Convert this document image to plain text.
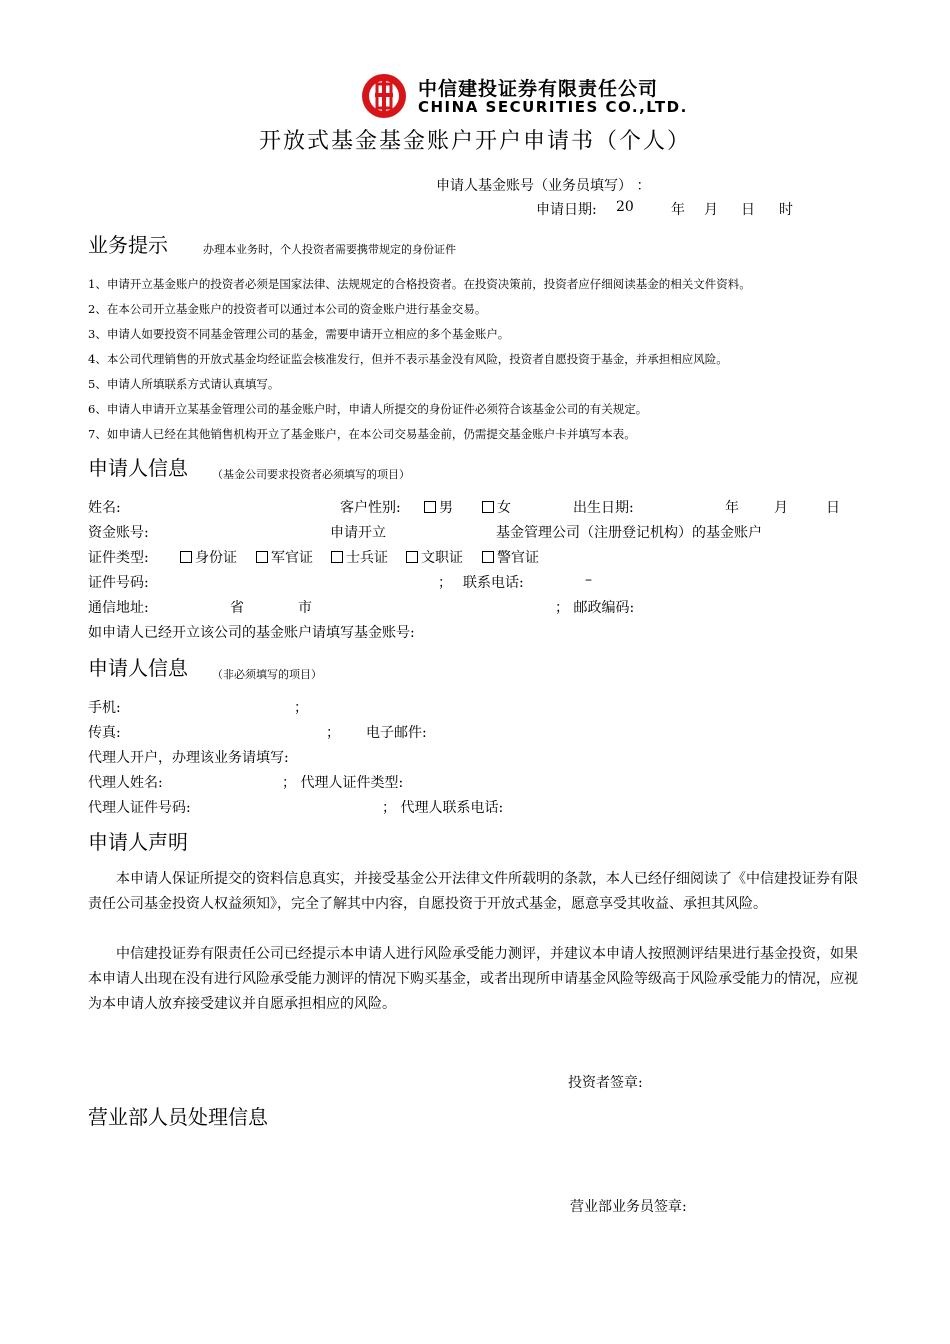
中信建投证券有限责任公司
CHINA SECURITIES CO.,LTD.
开放式基金基金账户开户申请书（个人）
申请人基金账号（业务员填写） ：
申请日期: 20	年 月 日 时
业务提示	办理本业务时，个人投资者需要携带规定的身份证件
1、申请开立基金账户的投资者必须是国家法律、法规规定的合格投资者。在投资决策前，投资者应仔细阅读基金的相关文件资料。
2、在本公司开立基金账户的投资者可以通过本公司的资金账户进行基金交易。
3、申请人如要投资不同基金管理公司的基金，需要申请开立相应的多个基金账户。
4、本公司代理销售的开放式基金均经证监会核准发行，但并不表示基金没有风险，投资者自愿投资于基金，并承担相应风险。
5、申请人所填联系方式请认真填写。
6、申请人申请开立某基金管理公司的基金账户时，申请人所提交的身份证件必须符合该基金公司的有关规定。
7、如申请人已经在其他销售机构开立了基金账户，在本公司交易基金前，仍需提交基金账户卡并填写本表。
申请人信息 （基金公司要求投资者必须填写的项目）
姓名:	客户性别:	男	女	出生日期:	年	月	日
资金账号:	申请开立	基金管理公司（注册登记机构）的基金账户
证件类型:	身份证	军官证	士兵证	文职证	警官证
证件号码:	； 联系电话:	–
通信地址:	省	市	； 邮政编码:
如申请人已经开立该公司的基金账户请填写基金账号:
申请人信息 （非必须填写的项目）
手机:	；
传真:	； 电子邮件:
代理人开户，办理该业务请填写:
代理人姓名:	； 代理人证件类型:
代理人证件号码:	； 代理人联系电话:
申请人声明
本申请人保证所提交的资料信息真实，并接受基金公开法律文件所载明的条款，本人已经仔细阅读了《中信建投证券有限责任公司基金投资人权益须知》，完全了解其中内容，自愿投资于开放式基金，愿意享受其收益、承担其风险。
中信建投证券有限责任公司已经提示本申请人进行风险承受能力测评，并建议本申请人按照测评结果进行基金投资，如果本申请人出现在没有进行风险承受能力测评的情况下购买基金，或者出现所申请基金风险等级高于风险承受能力的情况，应视为本申请人放弃接受建议并自愿承担相应的风险。
投资者签章:
营业部人员处理信息
营业部业务员签章:
